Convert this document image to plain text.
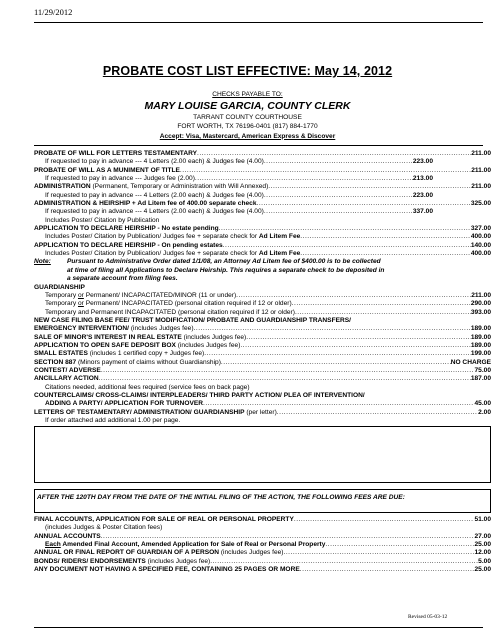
11/29/2012
PROBATE COST LIST EFFECTIVE: May 14, 2012
CHECKS PAYABLE TO:
MARY LOUISE GARCIA, COUNTY CLERK
TARRANT COUNTY COURTHOUSE
FORT WORTH, TX 76196-0401 (817) 884-1770
Accept: Visa, Mastercard, American Express & Discover
PROBATE OF WILL FOR LETTERS TESTAMENTARY .....	211.00
If requested to pay in advance --- 4 Letters (2.00 each) & Judges fee (4.00) .....	223.00
PROBATE OF WILL AS A MUNIMENT OF TITLE .....	211.00
If requested to pay in advance --- Judges fee (2.00) .....	213.00
ADMINISTRATION (Permanent, Temporary or Administration with Will Annexed) .....	211.00
If requested to pay in advance --- 4 Letters (2.00 each) & Judges fee (4.00) .....	223.00
ADMINISTRATION & HEIRSHIP + Ad Litem fee of 400.00 separate check .....	325.00
If requested to pay in advance --- 4 Letters (2.00 each) & Judges fee (4.00) .....	337.00
Includes Poster/ Citation by Publication
APPLICATION TO DECLARE HEIRSHIP - No estate pending .....	327.00
Includes Poster/ Citation by Publication/ Judges fee + separate check for Ad Litem Fee .....	400.00
APPLICATION TO DECLARE HEIRSHIP - On pending estates .....	140.00
Includes Poster/ Citation by Publication/ Judges fee + separate check for Ad Litem Fee .....	400.00
Note:	Pursuant to Administrative Order dated 1/1/08, an Attorney Ad Litem fee of $400.00 is to be collected
at time of filing all Applications to Declare Heirship. This requires a separate check to be deposited in
a separate account from filing fees.
GUARDIANSHIP
Temporary or Permanent/ INCAPACITATED/MINOR (11 or under) .....	211.00
Temporary or Permanent/ INCAPACITATED (personal citation required if 12 or older) .....	290.00
Temporary and Permanent INCAPACITATED (personal citation required if 12 or older) .....	393.00
NEW CASE FILING BASE FEE/ TRUST MODIFICATION/ PROBATE AND GUARDIANSHIP TRANSFERS/
EMERGENCY INTERVENTION/ (includes Judges fee) .....	189.00
SALE OF MINOR'S INTEREST IN REAL ESTATE (includes Judges fee) .....	189.00
APPLICATION TO OPEN SAFE DEPOSIT BOX (includes Judges fee) .....	189.00
SMALL ESTATES (includes 1 certified copy + Judges fee) .....	199.00
SECTION 887 (Minors payment of claims without Guardianship) .....	NO CHARGE
CONTEST/ ADVERSE .....	75.00
ANCILLARY ACTION .....	187.00
Citations needed, additional fees required (service fees on back page)
COUNTERCLAIMS/ CROSS-CLAIMS/ INTERPLEADERS/ THIRD PARTY ACTION/ PLEA OF INTERVENTION/
ADDING A PARTY/ APPLICATION FOR TURNOVER .....	45.00
LETTERS OF TESTAMENTARY/ ADMINISTRATION/ GUARDIANSHIP (per letter) .....	2.00
If order attached add additional 1.00 per page.
AFTER THE 120TH DAY FROM THE DATE OF THE INITIAL FILING OF THE ACTION, THE FOLLOWING FEES ARE DUE:
FINAL ACCOUNTS, APPLICATION FOR SALE OF REAL OR PERSONAL PROPERTY .....	51.00
(includes Judges & Poster Citation fees)
ANNUAL ACCOUNTS .....	27.00
Each Amended Final Account, Amended Application for Sale of Real or Personal Property .....	25.00
ANNUAL OR FINAL REPORT OF GUARDIAN OF A PERSON (includes Judges fee) .....	12.00
BONDS/ RIDERS/ ENDORSEMENTS (includes Judges fee) .....	5.00
ANY DOCUMENT NOT HAVING A SPECIFIED FEE, CONTAINING 25 PAGES OR MORE .....	25.00
Revised 05-03-12
